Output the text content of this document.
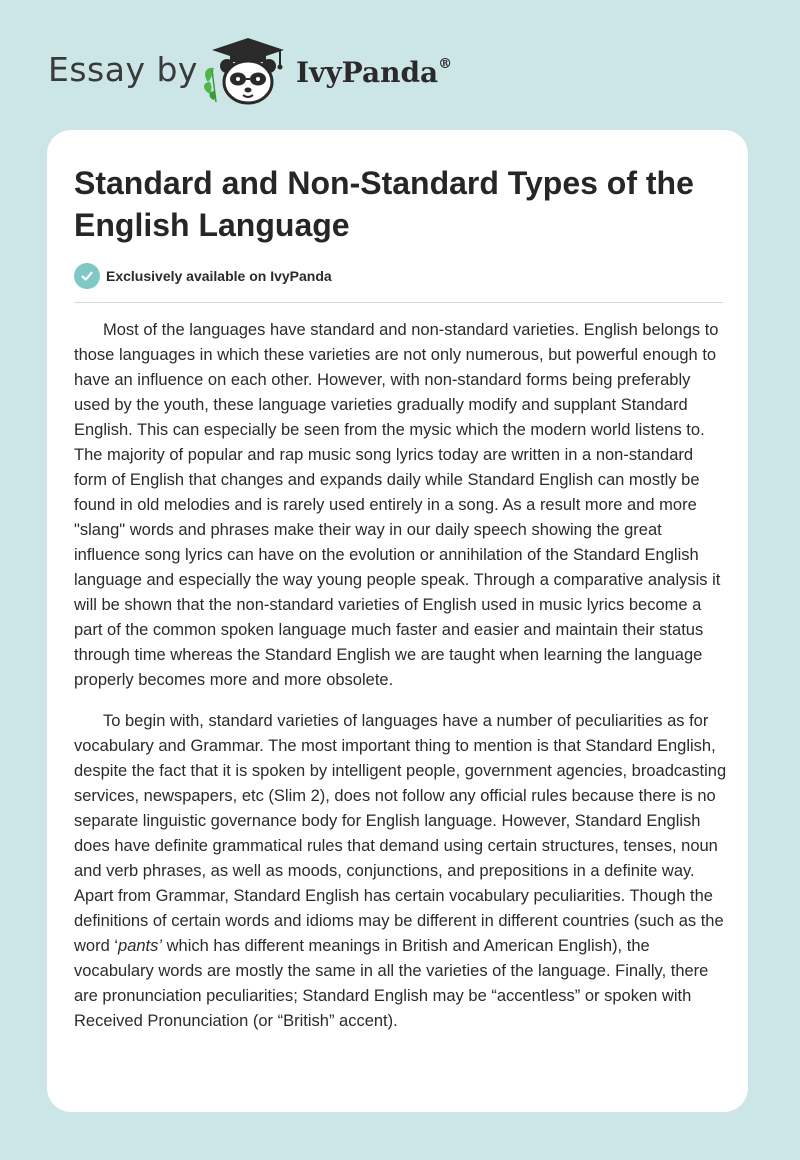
Essay by	IvyPanda®
Standard and Non-Standard Types of the English Language
Exclusively available on IvyPanda

Most of the languages have standard and non-standard varieties. English belongs to those languages in which these varieties are not only numerous, but powerful enough to have an influence on each other. However, with non-standard forms being preferably used by the youth, these language varieties gradually modify and supplant Standard English. This can especially be seen from the mysic which the modern world listens to. The majority of popular and rap music song lyrics today are written in a non-standard form of English that changes and expands daily while Standard English can mostly be found in old melodies and is rarely used entirely in a song. As a result more and more "slang" words and phrases make their way in our daily speech showing the great influence song lyrics can have on the evolution or annihilation of the Standard English language and especially the way young people speak. Through a comparative analysis it will be shown that the non-standard varieties of English used in music lyrics become a part of the common spoken language much faster and easier and maintain their status through time whereas the Standard English we are taught when learning the language properly becomes more and more obsolete.

To begin with, standard varieties of languages have a number of peculiarities as for vocabulary and Grammar. The most important thing to mention is that Standard English, despite the fact that it is spoken by intelligent people, government agencies, broadcasting services, newspapers, etc (Slim 2), does not follow any official rules because there is no separate linguistic governance body for English language. However, Standard English does have definite grammatical rules that demand using certain structures, tenses, noun and verb phrases, as well as moods, conjunctions, and prepositions in a definite way. Apart from Grammar, Standard English has certain vocabulary peculiarities. Though the definitions of certain words and idioms may be different in different countries (such as the word ‘pants’ which has different meanings in British and American English), the vocabulary words are mostly the same in all the varieties of the language. Finally, there are pronunciation peculiarities; Standard English may be “accentless” or spoken with Received Pronunciation (or “British” accent).
